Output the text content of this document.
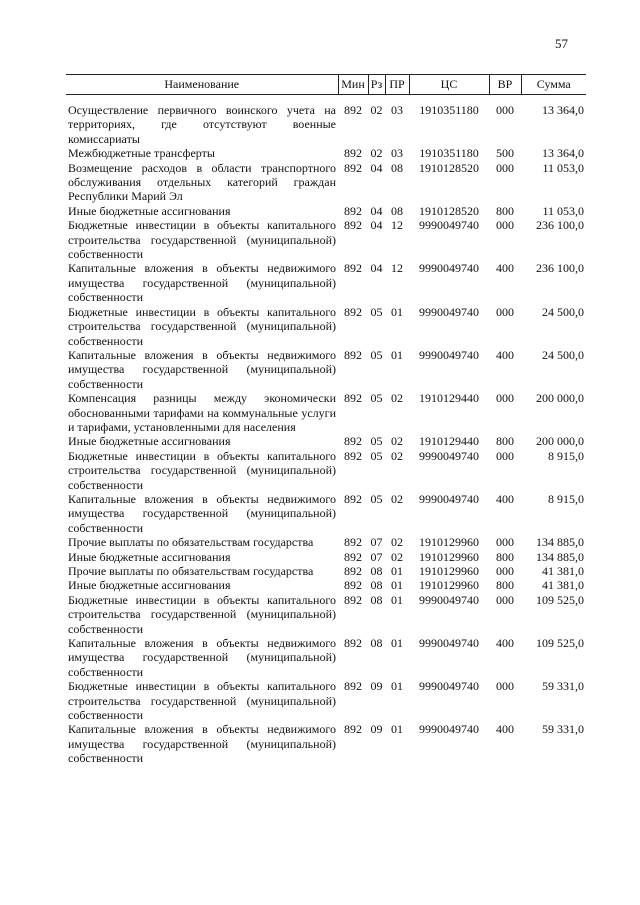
57
Наименование	Мин	Рз	ПР	ЦС	ВР	Сумма
Осуществление первичного воинского учета на территориях, где отсутствуют военные комиссариаты	892	02	03	1910351180	000	13 364,0
Межбюджетные трансферты	892	02	03	1910351180	500	13 364,0
Возмещение расходов в области транспортного обслуживания отдельных категорий граждан Республики Марий Эл	892	04	08	1910128520	000	11 053,0
Иные бюджетные ассигнования	892	04	08	1910128520	800	11 053,0
Бюджетные инвестиции в объекты капитального строительства государственной (муниципальной) собственности	892	04	12	9990049740	000	236 100,0
Капитальные вложения в объекты недвижимого имущества государственной (муниципальной) собственности	892	04	12	9990049740	400	236 100,0
Бюджетные инвестиции в объекты капитального строительства государственной (муниципальной) собственности	892	05	01	9990049740	000	24 500,0
Капитальные вложения в объекты недвижимого имущества государственной (муниципальной) собственности	892	05	01	9990049740	400	24 500,0
Компенсация разницы между экономически обоснованными тарифами на коммунальные услуги и тарифами, установленными для населения	892	05	02	1910129440	000	200 000,0
Иные бюджетные ассигнования	892	05	02	1910129440	800	200 000,0
Бюджетные инвестиции в объекты капитального строительства государственной (муниципальной) собственности	892	05	02	9990049740	000	8 915,0
Капитальные вложения в объекты недвижимого имущества государственной (муниципальной) собственности	892	05	02	9990049740	400	8 915,0
Прочие выплаты по обязательствам государства	892	07	02	1910129960	000	134 885,0
Иные бюджетные ассигнования	892	07	02	1910129960	800	134 885,0
Прочие выплаты по обязательствам государства	892	08	01	1910129960	000	41 381,0
Иные бюджетные ассигнования	892	08	01	1910129960	800	41 381,0
Бюджетные инвестиции в объекты капитального строительства государственной (муниципальной) собственности	892	08	01	9990049740	000	109 525,0
Капитальные вложения в объекты недвижимого имущества государственной (муниципальной) собственности	892	08	01	9990049740	400	109 525,0
Бюджетные инвестиции в объекты капитального строительства государственной (муниципальной) собственности	892	09	01	9990049740	000	59 331,0
Капитальные вложения в объекты недвижимого имущества государственной (муниципальной) собственности	892	09	01	9990049740	400	59 331,0
